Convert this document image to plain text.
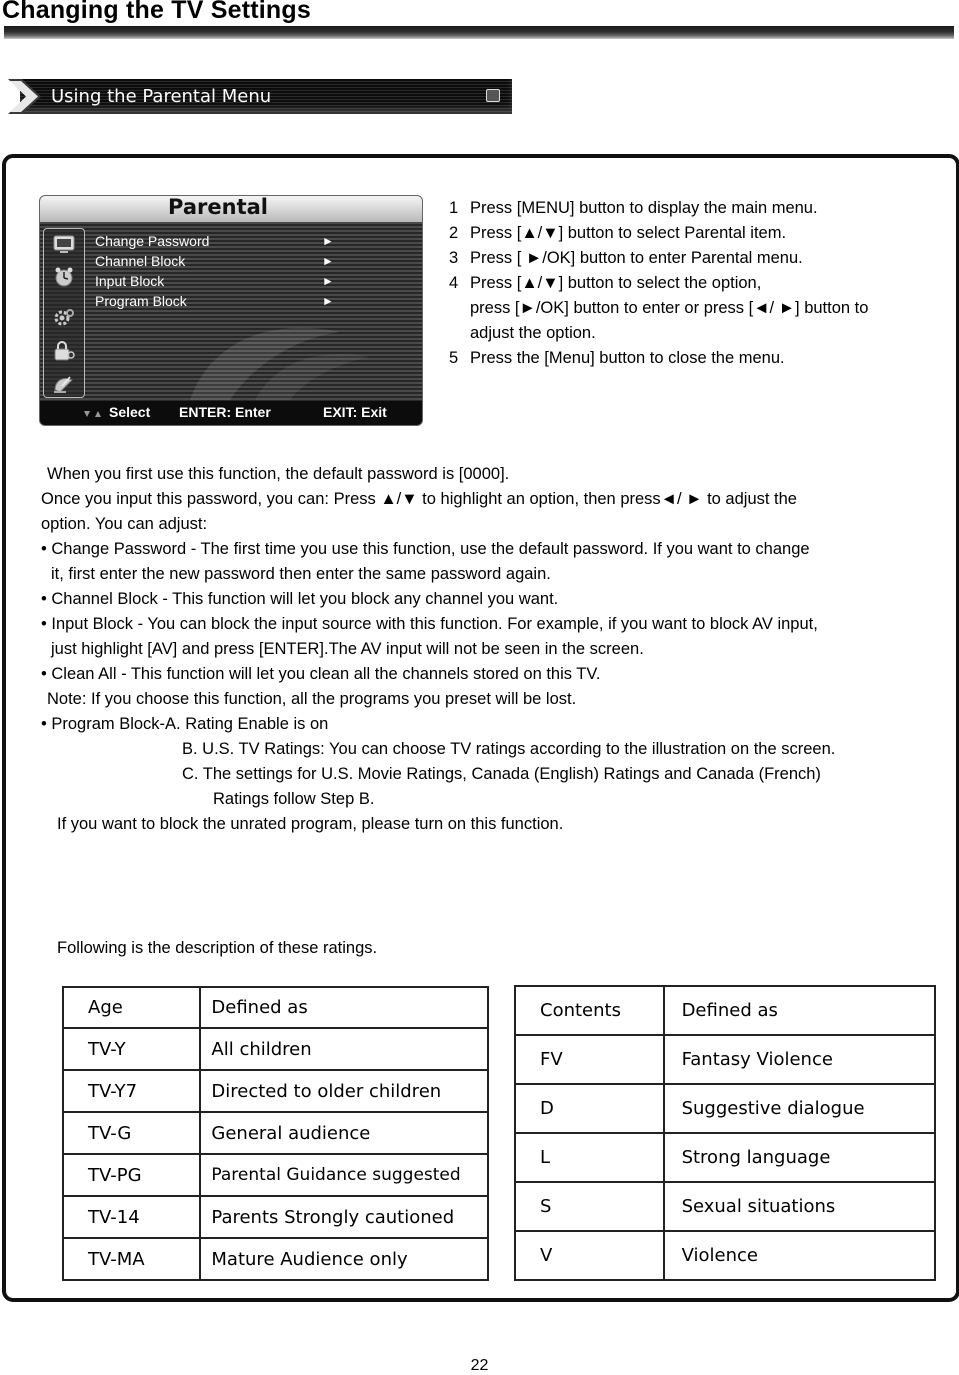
Changing the TV Settings
Using the Parental Menu
Parental
Change Password	►
Channel Block	►
Input Block	►
Program Block	►
Select ENTER: Enter	EXIT: Exit
1 Press [MENU] button to display the main menu.
2 Press [▲/▼] button to select Parental item.
3 Press [ ►/OK] button to enter Parental menu.
4 Press [▲/▼] button to select the option,
press [►/OK] button to enter or press [◄/ ►] button to
adjust the option.
5 Press the [Menu] button to close the menu.
When you first use this function, the default password is [0000].
Once you input this password, you can: Press ▲/▼ to highlight an option, then press◄/ ► to adjust the
option. You can adjust:
• Change Password - The first time you use this function, use the default password. If you want to change
it, first enter the new password then enter the same password again.
• Channel Block - This function will let you block any channel you want.
• Input Block - You can block the input source with this function. For example, if you want to block AV input,
just highlight [AV] and press [ENTER].The AV input will not be seen in the screen.
• Clean All - This function will let you clean all the channels stored on this TV.
Note: If you choose this function, all the programs you preset will be lost.
• Program Block-A. Rating Enable is on
B. U.S. TV Ratings: You can choose TV ratings according to the illustration on the screen.
C. The settings for U.S. Movie Ratings, Canada (English) Ratings and Canada (French)
Ratings follow Step B.
If you want to block the unrated program, please turn on this function.
Following is the description of these ratings.
Age	Defined as
TV-Y	All children
TV-Y7	Directed to older children
TV-G	General audience
TV-PG	Parental Guidance suggested
TV-14	Parents Strongly cautioned
TV-MA	Mature Audience only
Contents	Defined as
FV	Fantasy Violence
D	Suggestive dialogue
L	Strong language
S	Sexual situations
V	Violence
22
